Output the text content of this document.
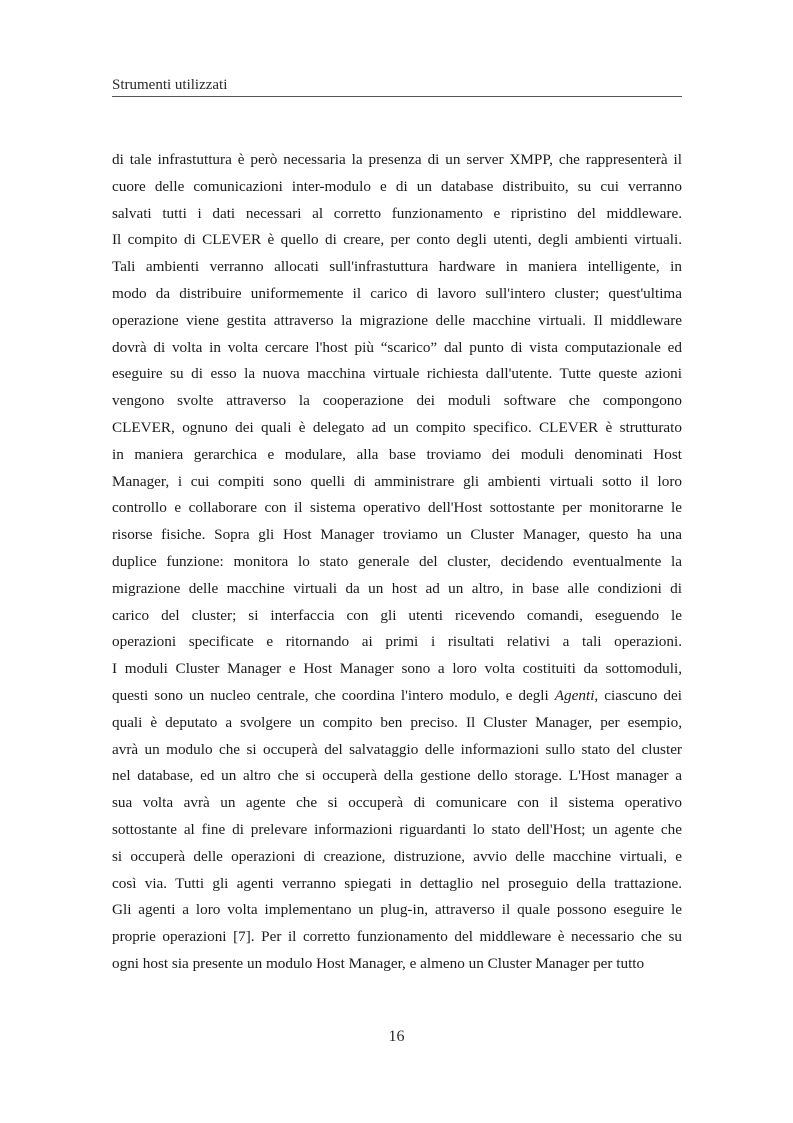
Strumenti utilizzati
di tale infrastuttura è però necessaria la presenza di un server XMPP, che rappresenterà il
cuore delle comunicazioni inter-modulo e di un database distribuito, su cui verranno
salvati tutti i dati necessari al corretto funzionamento e ripristino del middleware.
Il compito di CLEVER è quello di creare, per conto degli utenti, degli ambienti virtuali.
Tali ambienti verranno allocati sull'infrastuttura hardware in maniera intelligente, in
modo da distribuire uniformemente il carico di lavoro sull'intero cluster; quest'ultima
operazione viene gestita attraverso la migrazione delle macchine virtuali. Il middleware
dovrà di volta in volta cercare l'host più “scarico” dal punto di vista computazionale ed
eseguire su di esso la nuova macchina virtuale richiesta dall'utente. Tutte queste azioni
vengono svolte attraverso la cooperazione dei moduli software che compongono
CLEVER, ognuno dei quali è delegato ad un compito specifico. CLEVER è strutturato
in maniera gerarchica e modulare, alla base troviamo dei moduli denominati Host
Manager, i cui compiti sono quelli di amministrare gli ambienti virtuali sotto il loro
controllo e collaborare con il sistema operativo dell'Host sottostante per monitorarne le
risorse fisiche. Sopra gli Host Manager troviamo un Cluster Manager, questo ha una
duplice funzione: monitora lo stato generale del cluster, decidendo eventualmente la
migrazione delle macchine virtuali da un host ad un altro, in base alle condizioni di
carico del cluster; si interfaccia con gli utenti ricevendo comandi, eseguendo le
operazioni specificate e ritornando ai primi i risultati relativi a tali operazioni.
I moduli Cluster Manager e Host Manager sono a loro volta costituiti da sottomoduli,
questi sono un nucleo centrale, che coordina l'intero modulo, e degli Agenti, ciascuno dei
quali è deputato a svolgere un compito ben preciso. Il Cluster Manager, per esempio,
avrà un modulo che si occuperà del salvataggio delle informazioni sullo stato del cluster
nel database, ed un altro che si occuperà della gestione dello storage. L'Host manager a
sua volta avrà un agente che si occuperà di comunicare con il sistema operativo
sottostante al fine di prelevare informazioni riguardanti lo stato dell'Host; un agente che
si occuperà delle operazioni di creazione, distruzione, avvio delle macchine virtuali, e
così via. Tutti gli agenti verranno spiegati in dettaglio nel proseguio della trattazione.
Gli agenti a loro volta implementano un plug-in, attraverso il quale possono eseguire le
proprie operazioni [7]. Per il corretto funzionamento del middleware è necessario che su
ogni host sia presente un modulo Host Manager, e almeno un Cluster Manager per tutto
16
